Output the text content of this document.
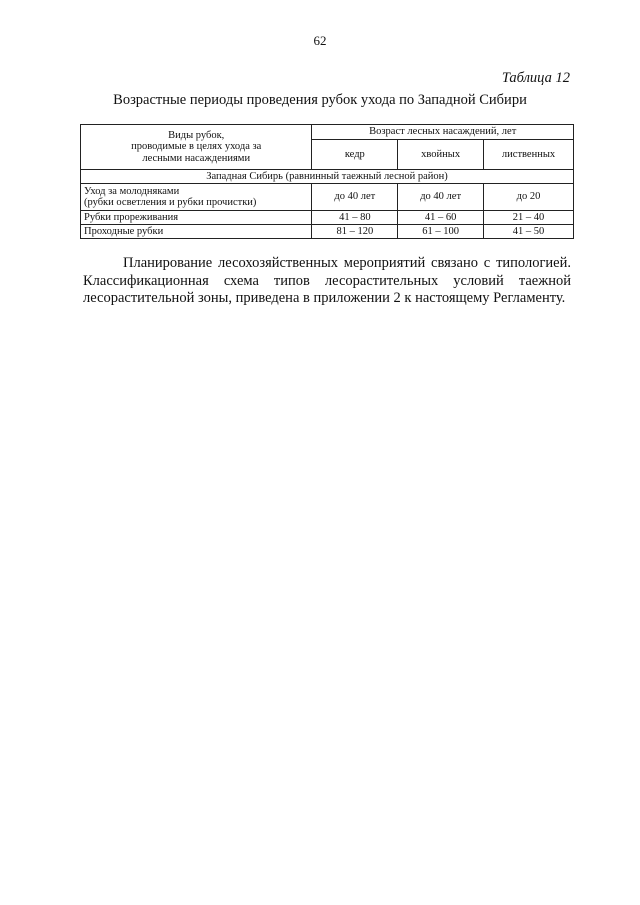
62
Таблица 12
Возрастные периоды проведения рубок ухода по Западной Сибири
Виды рубок,
проводимые в целях ухода за
лесными насаждениями	Возраст лесных насаждений, лет		
	кедр	хвойных	лиственных
Западная Сибирь (равнинный таежный лесной район)			

Уход за молодняками
(рубки осветления и рубки прочистки)	до 40 лет	до 40 лет	до 20
Рубки прореживания	41 – 80	41 – 60	21 – 40
Проходные рубки	81 – 120	61 – 100	41 – 50

Планирование лесохозяйственных мероприятий связано с типологией. Классификационная схема типов лесорастительных условий таежной лесорастительной зоны, приведена в приложении 2 к настоящему Регламенту.
